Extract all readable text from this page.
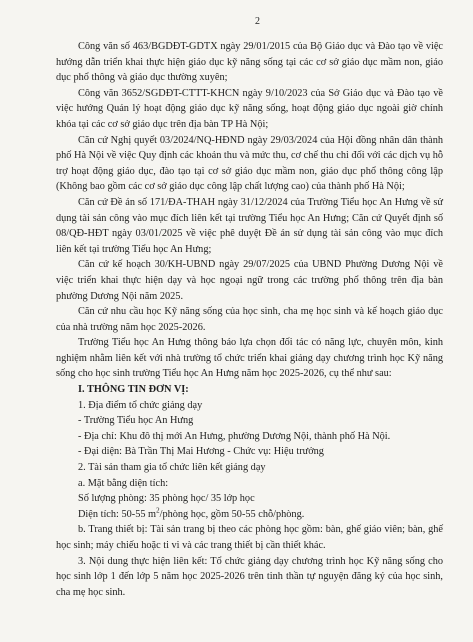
2

Công văn số 463/BGDĐT-GDTX ngày 29/01/2015 của Bộ Giáo dục và Đào tạo về việc hướng dẫn triển khai thực hiện giáo dục kỹ năng sống tại các cơ sở giáo dục mầm non, giáo dục phổ thông và giáo dục thường xuyên;

Công văn 3652/SGDĐT-CTTT-KHCN ngày 9/10/2023 của Sở Giáo dục và Đào tạo về việc hướng Quản lý hoạt động giáo dục kỹ năng sống, hoạt động giáo dục ngoài giờ chính khóa tại các cơ sở giáo dục trên địa bàn TP Hà Nội;

Căn cứ Nghị quyết 03/2024/NQ-HĐND ngày 29/03/2024 của Hội đồng nhân dân thành phố Hà Nội về việc Quy định các khoản thu và mức thu, cơ chế thu chi đối với các dịch vụ hỗ trợ hoạt động giáo dục, đào tạo tại cơ sở giáo dục mầm non, giáo dục phổ thông công lập (Không bao gồm các cơ sở giáo dục công lập chất lượng cao) của thành phố Hà Nội;

Căn cứ Đề án số 171/ĐA-THAH ngày 31/12/2024 của Trường Tiểu học An Hưng về sử dụng tài sản công vào mục đích liên kết tại trường Tiểu học An Hưng; Căn cứ Quyết định số 08/QĐ-HĐT ngày 03/01/2025 về việc phê duyệt Đề án sử dụng tài sản công vào mục đích liên kết tại trường Tiểu học An Hưng;

Căn cứ kế hoạch 30/KH-UBND ngày 29/07/2025 của UBND Phường Dương Nội về việc triển khai thực hiện dạy và học ngoại ngữ trong các trường phổ thông trên địa bàn phường Dương Nội năm 2025.

Căn cứ nhu cầu học Kỹ năng sống của học sinh, cha mẹ học sinh và kế hoạch giáo dục của nhà trường năm học 2025-2026.

Trường Tiểu học An Hưng thông báo lựa chọn đối tác có năng lực, chuyên môn, kinh nghiệm nhằm liên kết với nhà trường tổ chức triển khai giảng dạy chương trình học Kỹ năng sống cho học sinh trường Tiểu học An Hưng năm học 2025-2026, cụ thể như sau:

I. THÔNG TIN ĐƠN VỊ:

1. Địa điểm tổ chức giảng dạy

- Trường Tiểu học An Hưng

- Địa chỉ: Khu đô thị mới An Hưng, phường Dương Nội, thành phố Hà Nội.

- Đại diện: Bà Trần Thị Mai Hương - Chức vụ: Hiệu trưởng

2. Tài sản tham gia tổ chức liên kết giảng dạy

a. Mặt bằng diện tích:

Số lượng phòng: 35 phòng học/ 35 lớp học

Diện tích: 50-55 $m^2$/phòng học, gồm 50-55 chỗ/phòng.

b. Trang thiết bị: Tài sản trang bị theo các phòng học gồm: bàn, ghế giáo viên; bàn, ghế học sinh; máy chiếu hoặc ti vi và các trang thiết bị cần thiết khác.

3. Nội dung thực hiện liên kết: Tổ chức giảng dạy chương trình học Kỹ năng sống cho học sinh lớp 1 đến lớp 5 năm học 2025-2026 trên tinh thần tự nguyện đăng ký của học sinh, cha mẹ học sinh.
